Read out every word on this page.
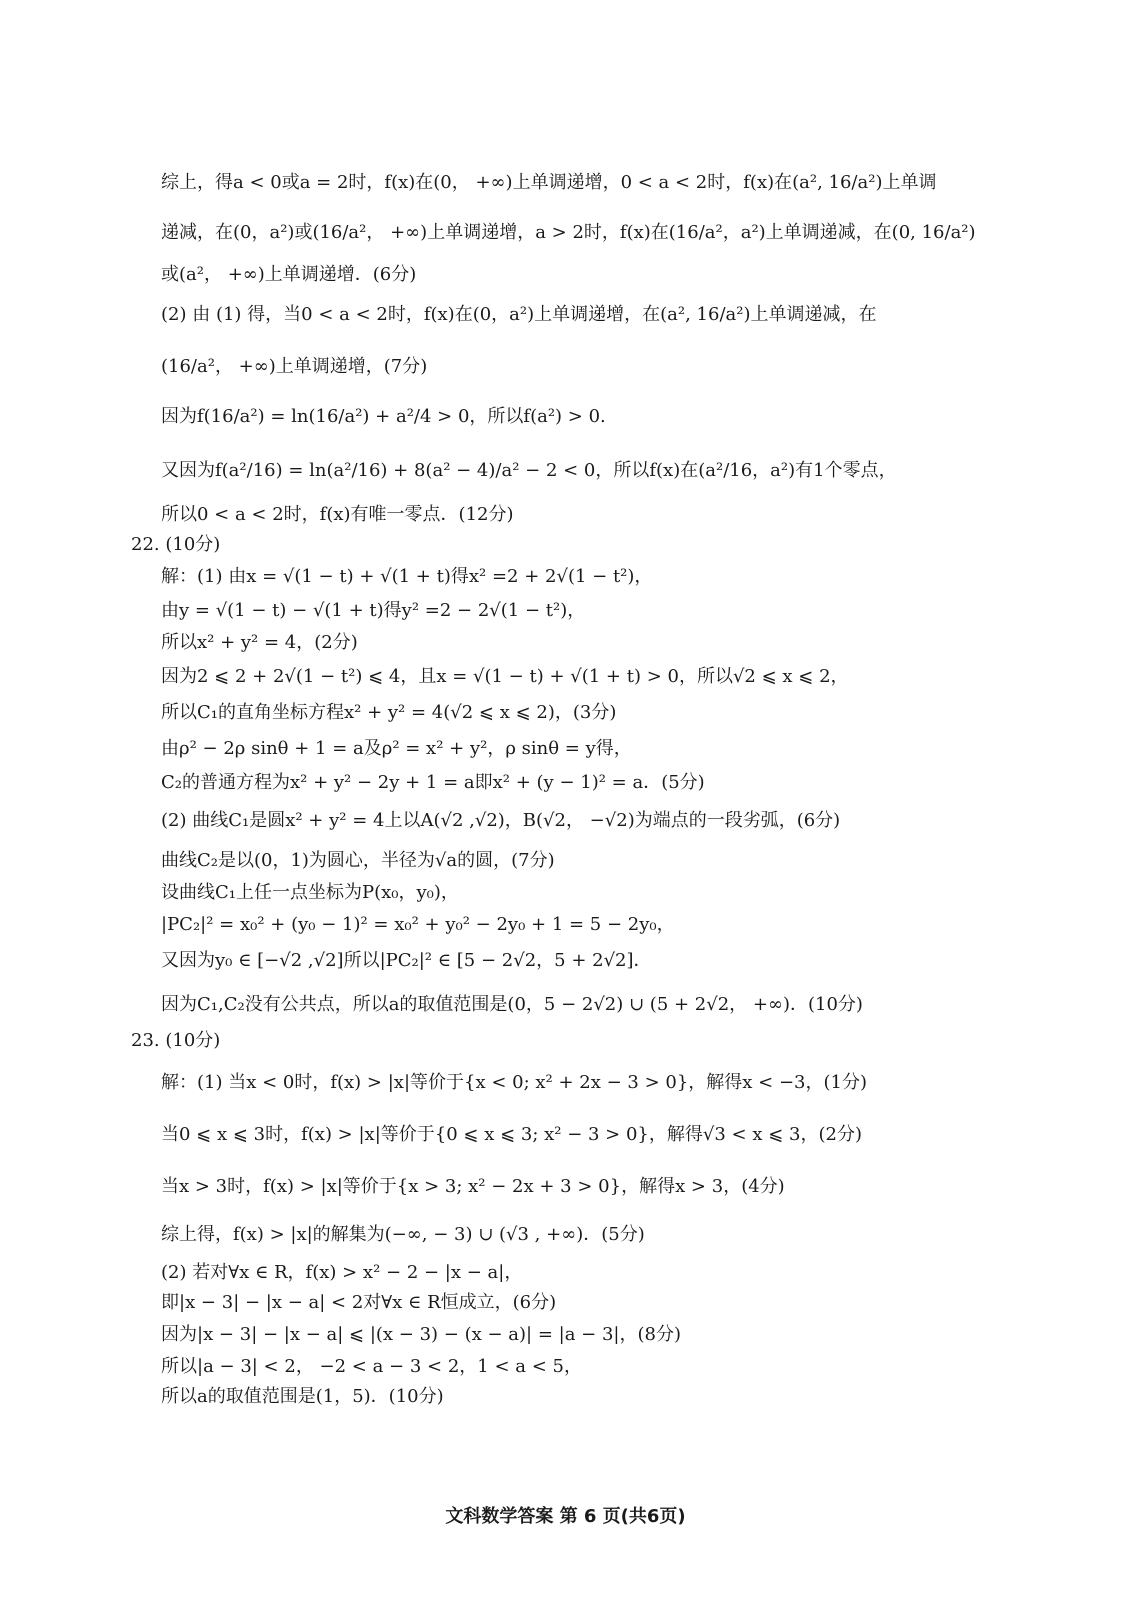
综上，得a < 0或a = 2时，f(x)在(0， +∞)上单调递增，0 < a < 2时，f(x)在(a², 16/a²)上单调
递减，在(0，a²)或(16/a²， +∞)上单调递增，a > 2时，f(x)在(16/a²，a²)上单调递减，在(0, 16/a²)
或(a²， +∞)上单调递增．(6分)
(2) 由 (1) 得，当0 < a < 2时，f(x)在(0，a²)上单调递增，在(a², 16/a²)上单调递减，在
(16/a²， +∞)上单调递增，(7分)
因为f(16/a²) = ln(16/a²) + a²/4 > 0，所以f(a²) > 0.
又因为f(a²/16) = ln(a²/16) + 8(a² − 4)/a² − 2 < 0，所以f(x)在(a²/16，a²)有1个零点，
所以0 < a < 2时，f(x)有唯一零点．(12分)
22. (10分)
解：(1) 由x = √(1 − t) + √(1 + t)得x² =2 + 2√(1 − t²)，
由y = √(1 − t) − √(1 + t)得y² =2 − 2√(1 − t²)，
所以x² + y² = 4，(2分)
因为2 ⩽ 2 + 2√(1 − t²) ⩽ 4，且x = √(1 − t) + √(1 + t) > 0，所以√2 ⩽ x ⩽ 2，
所以C₁的直角坐标方程x² + y² = 4(√2 ⩽ x ⩽ 2)，(3分)
由ρ² − 2ρ sinθ + 1 = a及ρ² = x² + y²，ρ sinθ = y得，
C₂的普通方程为x² + y² − 2y + 1 = a即x² + (y − 1)² = a．(5分)
(2) 曲线C₁是圆x² + y² = 4上以A(√2 ,√2)，B(√2， −√2)为端点的一段劣弧，(6分)
曲线C₂是以(0，1)为圆心，半径为√a的圆，(7分)
设曲线C₁上任一点坐标为P(x₀，y₀)，
|PC₂|² = x₀² + (y₀ − 1)² = x₀² + y₀² − 2y₀ + 1 = 5 − 2y₀，
又因为y₀ ∈ [−√2 ,√2]所以|PC₂|² ∈ [5 − 2√2，5 + 2√2]．
因为C₁,C₂没有公共点，所以a的取值范围是(0，5 − 2√2) ∪ (5 + 2√2， +∞)．(10分)
23. (10分)
解：(1) 当x < 0时，f(x) > |x|等价于{x < 0; x² + 2x − 3 > 0}，解得x < −3，(1分)
当0 ⩽ x ⩽ 3时，f(x) > |x|等价于{0 ⩽ x ⩽ 3; x² − 3 > 0}，解得√3 < x ⩽ 3，(2分)
当x > 3时，f(x) > |x|等价于{x > 3; x² − 2x + 3 > 0}，解得x > 3，(4分)
综上得，f(x) > |x|的解集为(−∞, − 3) ∪ (√3 , +∞)．(5分)
(2) 若对∀x ∈ R，f(x) > x² − 2 − |x − a|，
即|x − 3| − |x − a| < 2对∀x ∈ R恒成立，(6分)
因为|x − 3| − |x − a| ⩽ |(x − 3) − (x − a)| = |a − 3|，(8分)
所以|a − 3| < 2， −2 < a − 3 < 2，1 < a < 5，
所以a的取值范围是(1，5)．(10分)
文科数学答案 第 6 页(共6页)
